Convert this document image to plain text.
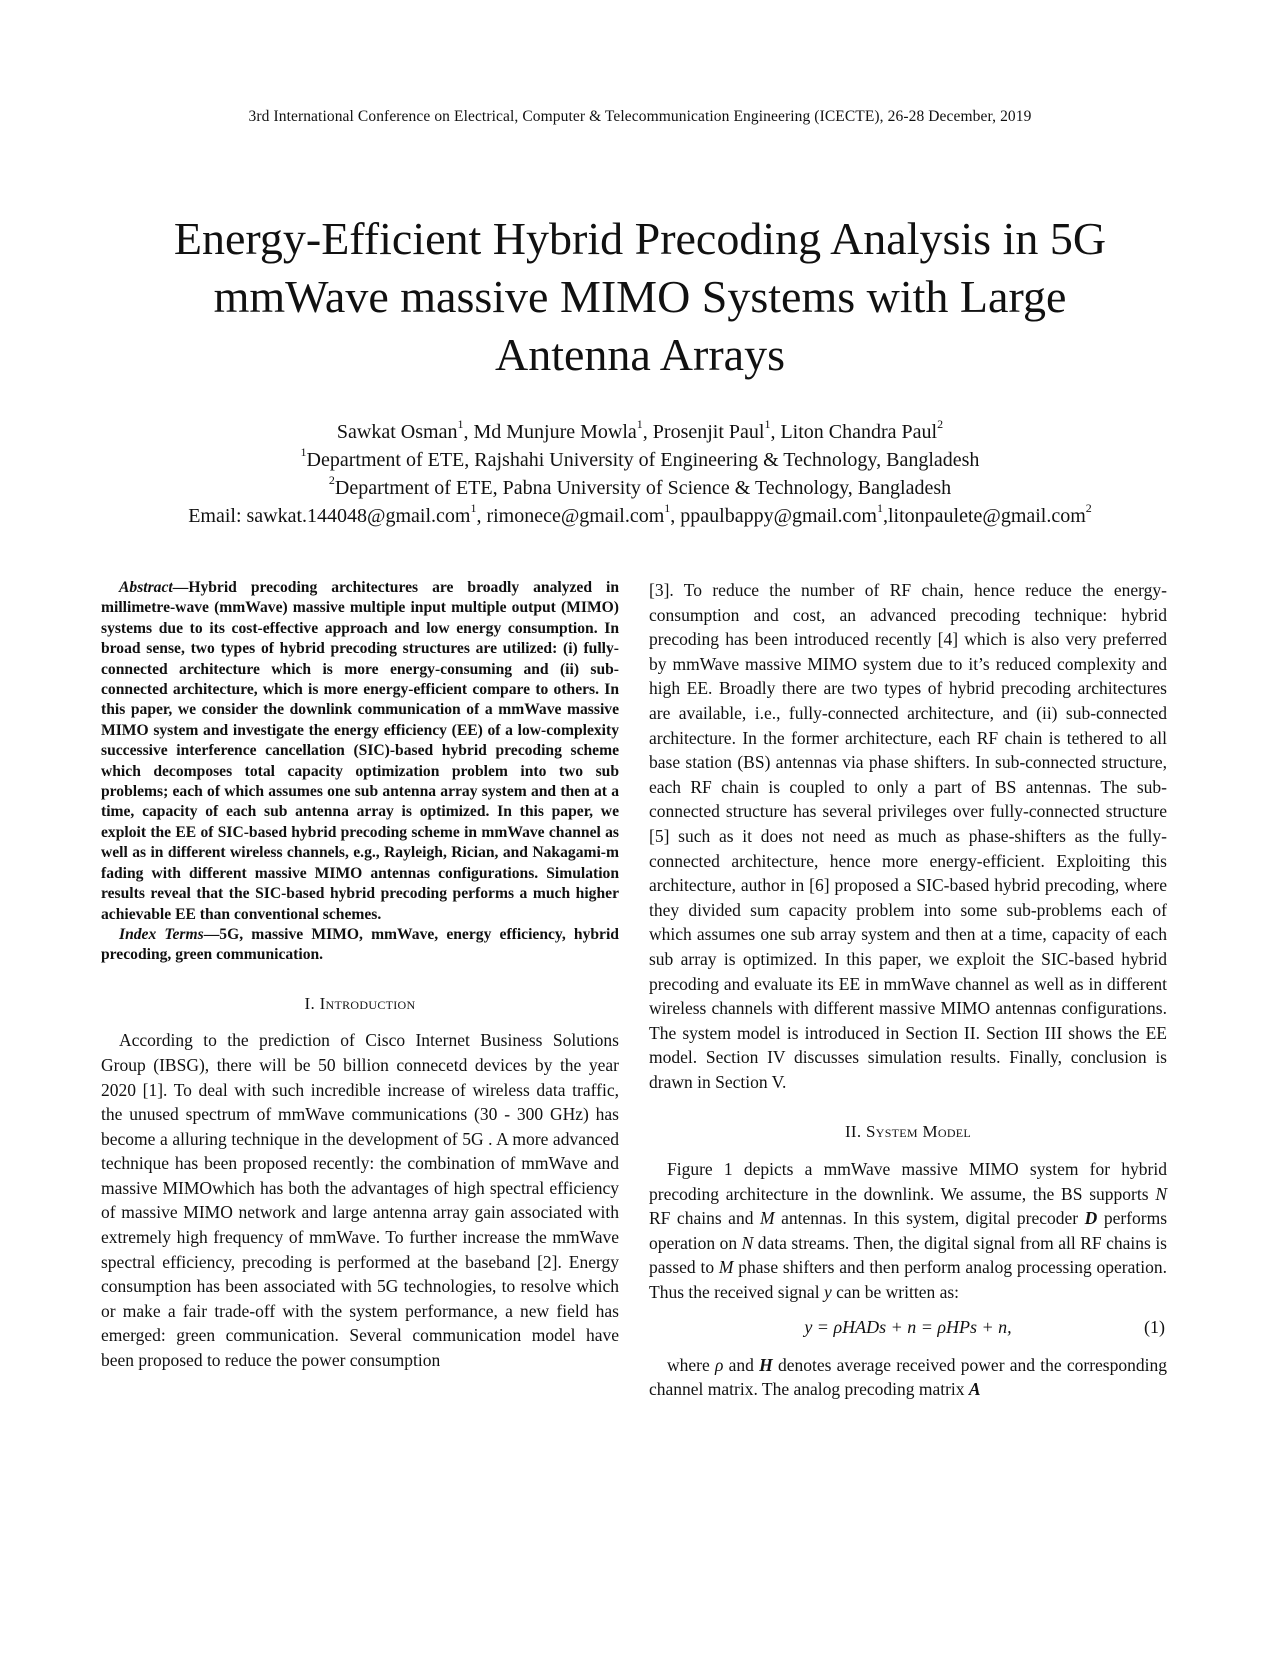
3rd International Conference on Electrical, Computer & Telecommunication Engineering (ICECTE), 26-28 December, 2019
Energy-Efficient Hybrid Precoding Analysis in 5G
mmWave massive MIMO Systems with Large
Antenna Arrays
Sawkat Osman$^1$, Md Munjure Mowla$^1$, Prosenjit Paul$^1$, Liton Chandra Paul$^2$
$^1$Department of ETE, Rajshahi University of Engineering & Technology, Bangladesh
$^2$Department of ETE, Pabna University of Science & Technology, Bangladesh
Email: sawkat.144048@gmail.com$^1$, rimonece@gmail.com$^1$, ppaulbappy@gmail.com$^1$,litonpaulete@gmail.com$^2$

Abstract—Hybrid precoding architectures are broadly analyzed in millimetre-wave (mmWave) massive multiple input multiple output (MIMO) systems due to its cost-effective approach and low energy consumption. In broad sense, two types of hybrid precoding structures are utilized: (i) fully-connected architecture which is more energy-consuming and (ii) sub-connected architecture, which is more energy-efficient compare to others. In this paper, we consider the downlink communication of a mmWave massive MIMO system and investigate the energy efficiency (EE) of a low-complexity successive interference cancellation (SIC)-based hybrid precoding scheme which decomposes total capacity optimization problem into two sub problems; each of which assumes one sub antenna array system and then at a time, capacity of each sub antenna array is optimized. In this paper, we exploit the EE of SIC-based hybrid precoding scheme in mmWave channel as well as in different wireless channels, e.g., Rayleigh, Rician, and Nakagami-m fading with different massive MIMO antennas configurations. Simulation results reveal that the SIC-based hybrid precoding performs a much higher achievable EE than conventional schemes.

Index Terms—5G, massive MIMO, mmWave, energy efficiency, hybrid precoding, green communication.

I. Introduction

According to the prediction of Cisco Internet Business Solutions Group (IBSG), there will be 50 billion connecetd devices by the year 2020 [1]. To deal with such incredible increase of wireless data traffic, the unused spectrum of mmWave communications (30 - 300 GHz) has become a alluring technique in the development of 5G . A more advanced technique has been proposed recently: the combination of mmWave and massive MIMOwhich has both the advantages of high spectral efficiency of massive MIMO network and large antenna array gain associated with extremely high frequency of mmWave. To further increase the mmWave spectral efficiency, precoding is performed at the baseband [2]. Energy consumption has been associated with 5G technologies, to resolve which or make a fair trade-off with the system performance, a new field has emerged: green communication. Several communication model have been proposed to reduce the power consumption

[3]. To reduce the number of RF chain, hence reduce the energy-consumption and cost, an advanced precoding technique: hybrid precoding has been introduced recently [4] which is also very preferred by mmWave massive MIMO system due to it’s reduced complexity and high EE. Broadly there are two types of hybrid precoding architectures are available, i.e., fully-connected architecture, and (ii) sub-connected architecture. In the former architecture, each RF chain is tethered to all base station (BS) antennas via phase shifters. In sub-connected structure, each RF chain is coupled to only a part of BS antennas. The sub-connected structure has several privileges over fully-connected structure [5] such as it does not need as much as phase-shifters as the fully-connected architecture, hence more energy-efficient. Exploiting this architecture, author in [6] proposed a SIC-based hybrid precoding, where they divided sum capacity problem into some sub-problems each of which assumes one sub array system and then at a time, capacity of each sub array is optimized. In this paper, we exploit the SIC-based hybrid precoding and evaluate its EE in mmWave channel as well as in different wireless channels with different massive MIMO antennas configurations. The system model is introduced in Section II. Section III shows the EE model. Section IV discusses simulation results. Finally, conclusion is drawn in Section V.

II. System Model

Figure 1 depicts a mmWave massive MIMO system for hybrid precoding architecture in the downlink. We assume, the BS supports N RF chains and M antennas. In this system, digital precoder D performs operation on N data streams. Then, the digital signal from all RF chains is passed to M phase shifters and then perform analog processing operation. Thus the received signal y can be written as:

y = ρHADs + n = ρHPs + n,	(1)

where ρ and H denotes average received power and the corresponding channel matrix. The analog precoding matrix A
